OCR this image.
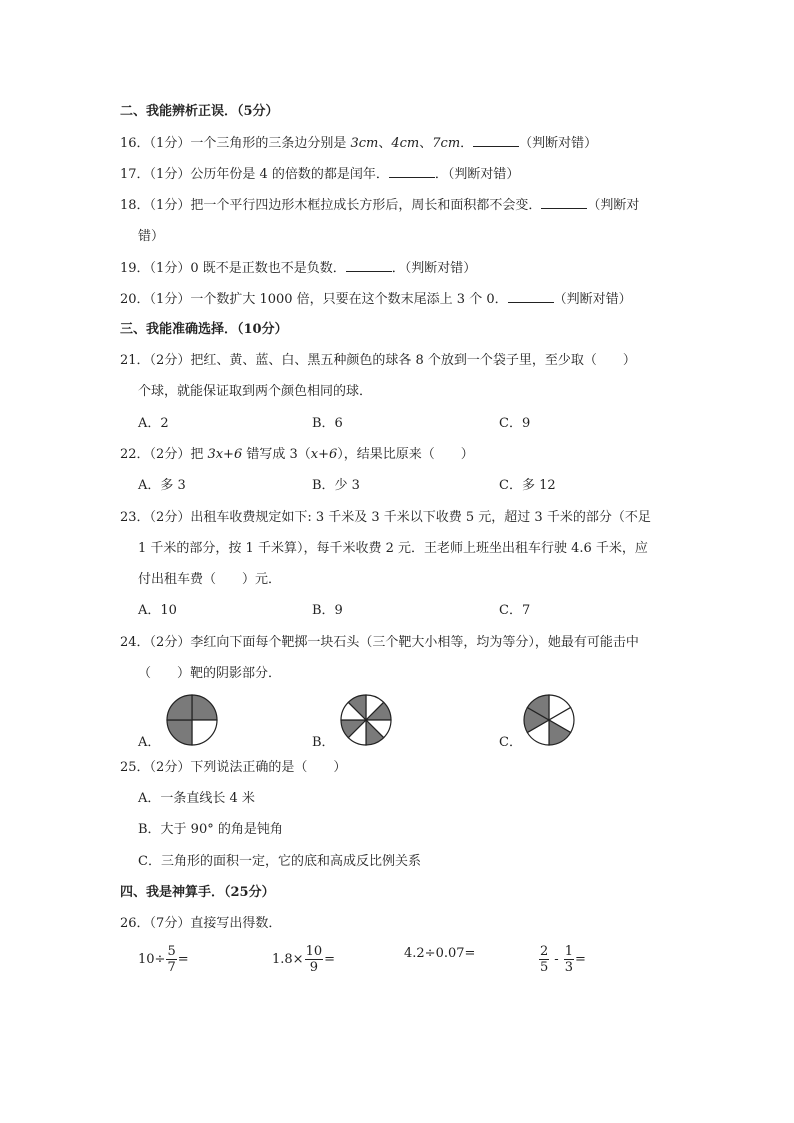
二、我能辨析正误．（5分）
16．（1分）一个三角形的三条边分别是 3cm、4cm、7cm．	（判断对错）
17．（1分）公历年份是 4 的倍数的都是闰年．	．（判断对错）
18．（1分）把一个平行四边形木框拉成长方形后，周长和面积都不会变．	（判断对
错）
19．（1分）0 既不是正数也不是负数．	．（判断对错）
20．（1分）一个数扩大 1000 倍，只要在这个数末尾添上 3 个 0．	（判断对错）
三、我能准确选择．（10分）
21．（2分）把红、黄、蓝、白、黑五种颜色的球各 8 个放到一个袋子里，至少取（　　）
个球，就能保证取到两个颜色相同的球．
A．2	B．6	C．9
22．（2分）把 3x+6 错写成 3（x+6），结果比原来（　　）
A．多 3	B．少 3	C．多 12
23．（2分）出租车收费规定如下: 3 千米及 3 千米以下收费 5 元，超过 3 千米的部分（不足
1 千米的部分，按 1 千米算），每千米收费 2 元．王老师上班坐出租车行驶 4.6 千米，应
付出租车费（　　）元．
A．10	B．9	C．7
24．（2分）李红向下面每个靶掷一块石头（三个靶大小相等，均为等分），她最有可能击中
（　　）靶的阴影部分．
A．	B．	C．
25．（2分）下列说法正确的是（　　）
A．一条直线长 4 米
B．大于 90° 的角是钝角
C．三角形的面积一定，它的底和高成反比例关系
四、我是神算手．（25分）
26．（7分）直接写出得数．
$10\div \frac{5}{7}$ =	$1.8\times \frac{10}{9}$ =	4.2÷0.07=	$\frac{2}{5} - \frac{1}{3}$ =
